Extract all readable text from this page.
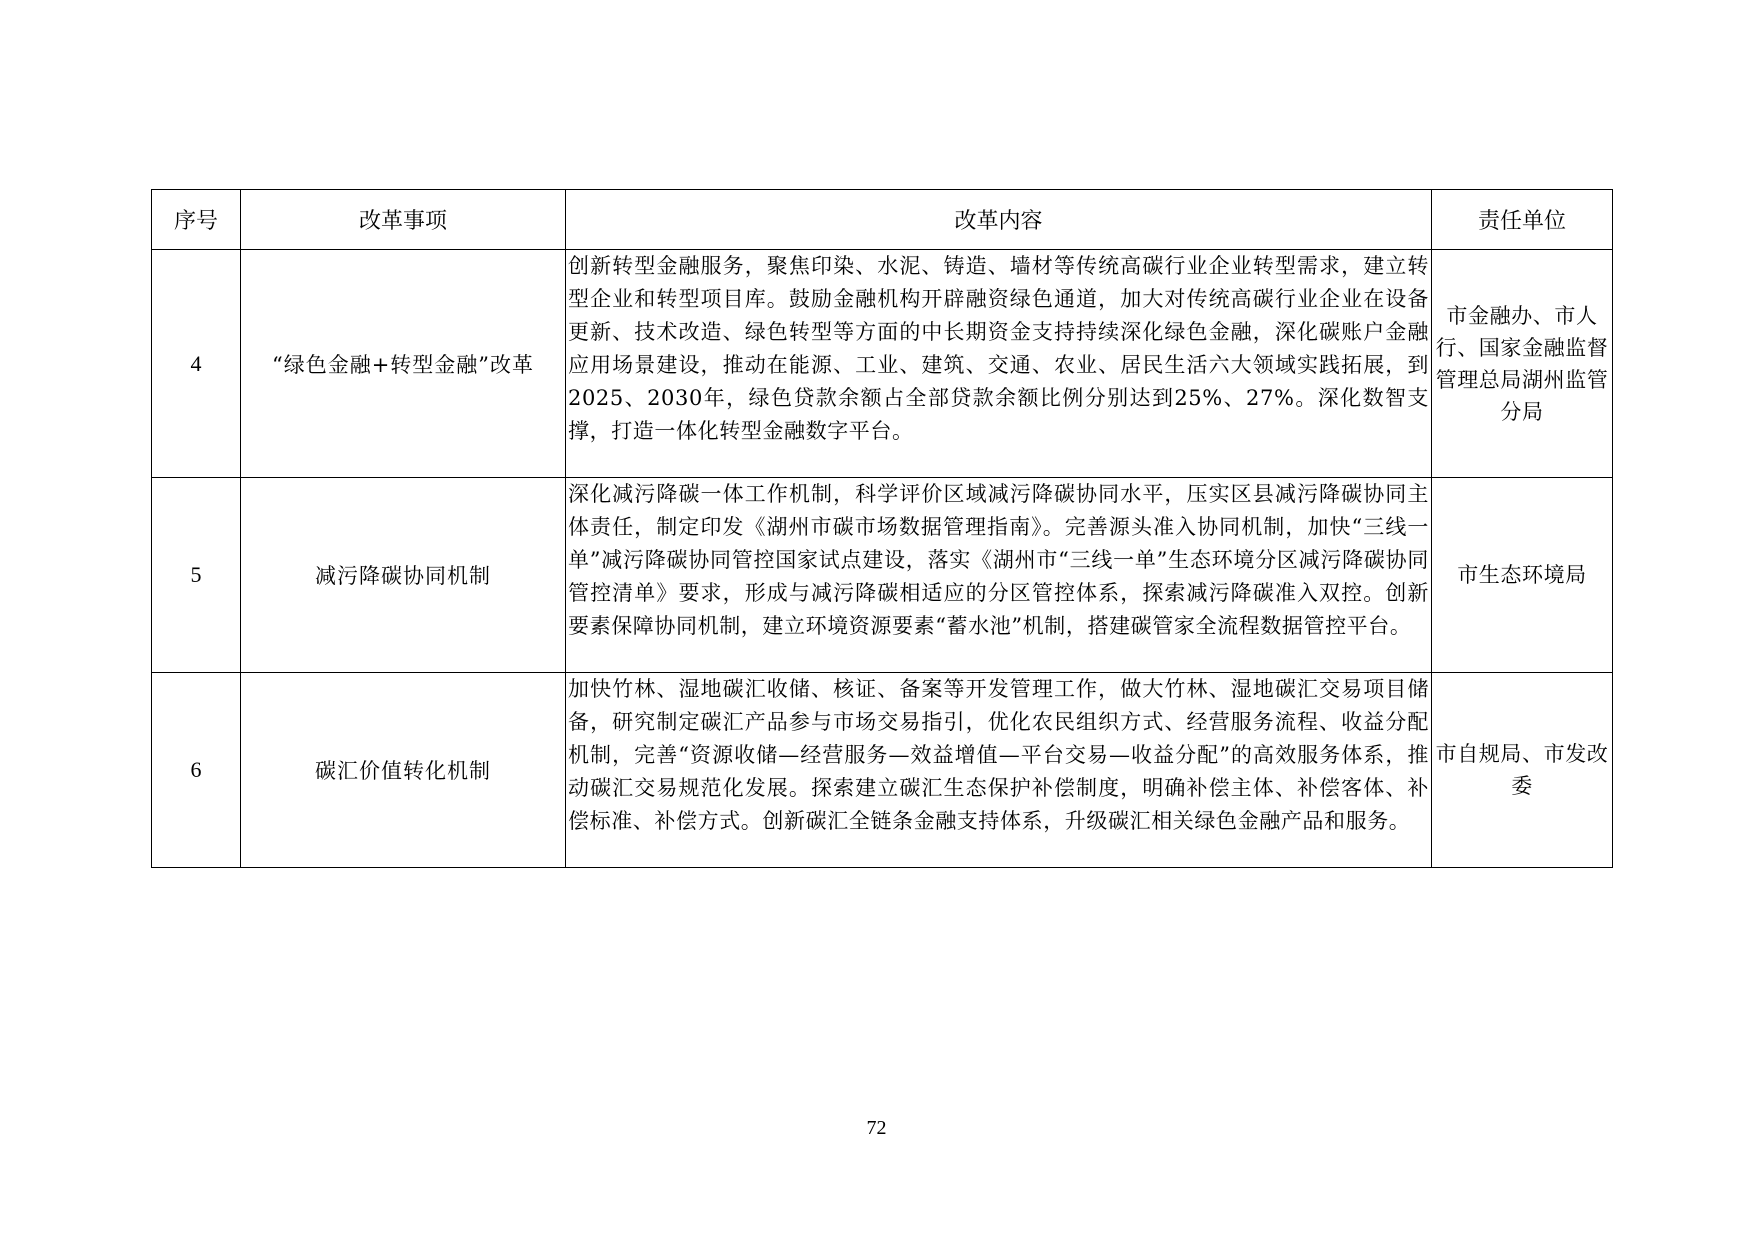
序号	改革事项	改革内容	责任单位
4	“绿色金融+转型金融”改革	创新转型金融服务，聚焦印染、水泥、铸造、墙材等传统高碳行业企业转型需求，建立转型企业和转型项目库。鼓励金融机构开辟融资绿色通道，加大对传统高碳行业企业在设备更新、技术改造、绿色转型等方面的中长期资金支持持续深化绿色金融，深化碳账户金融应用场景建设，推动在能源、工业、建筑、交通、农业、居民生活六大领域实践拓展，到2025、2030年，绿色贷款余额占全部贷款余额比例分别达到25%、27%。深化数智支撑，打造一体化转型金融数字平台。	市金融办、市人行、国家金融监督管理总局湖州监管分局
5	减污降碳协同机制	深化减污降碳一体工作机制，科学评价区域减污降碳协同水平，压实区县减污降碳协同主体责任，制定印发《湖州市碳市场数据管理指南》。完善源头准入协同机制，加快“三线一单”减污降碳协同管控国家试点建设，落实《湖州市“三线一单”生态环境分区减污降碳协同管控清单》要求，形成与减污降碳相适应的分区管控体系，探索减污降碳准入双控。创新要素保障协同机制，建立环境资源要素“蓄水池”机制，搭建碳管家全流程数据管控平台。	市生态环境局
6	碳汇价值转化机制	加快竹林、湿地碳汇收储、核证、备案等开发管理工作，做大竹林、湿地碳汇交易项目储备，研究制定碳汇产品参与市场交易指引，优化农民组织方式、经营服务流程、收益分配机制，完善“资源收储—经营服务—效益增值—平台交易—收益分配”的高效服务体系，推动碳汇交易规范化发展。探索建立碳汇生态保护补偿制度，明确补偿主体、补偿客体、补偿标准、补偿方式。创新碳汇全链条金融支持体系，升级碳汇相关绿色金融产品和服务。	市自规局、市发改委
72
